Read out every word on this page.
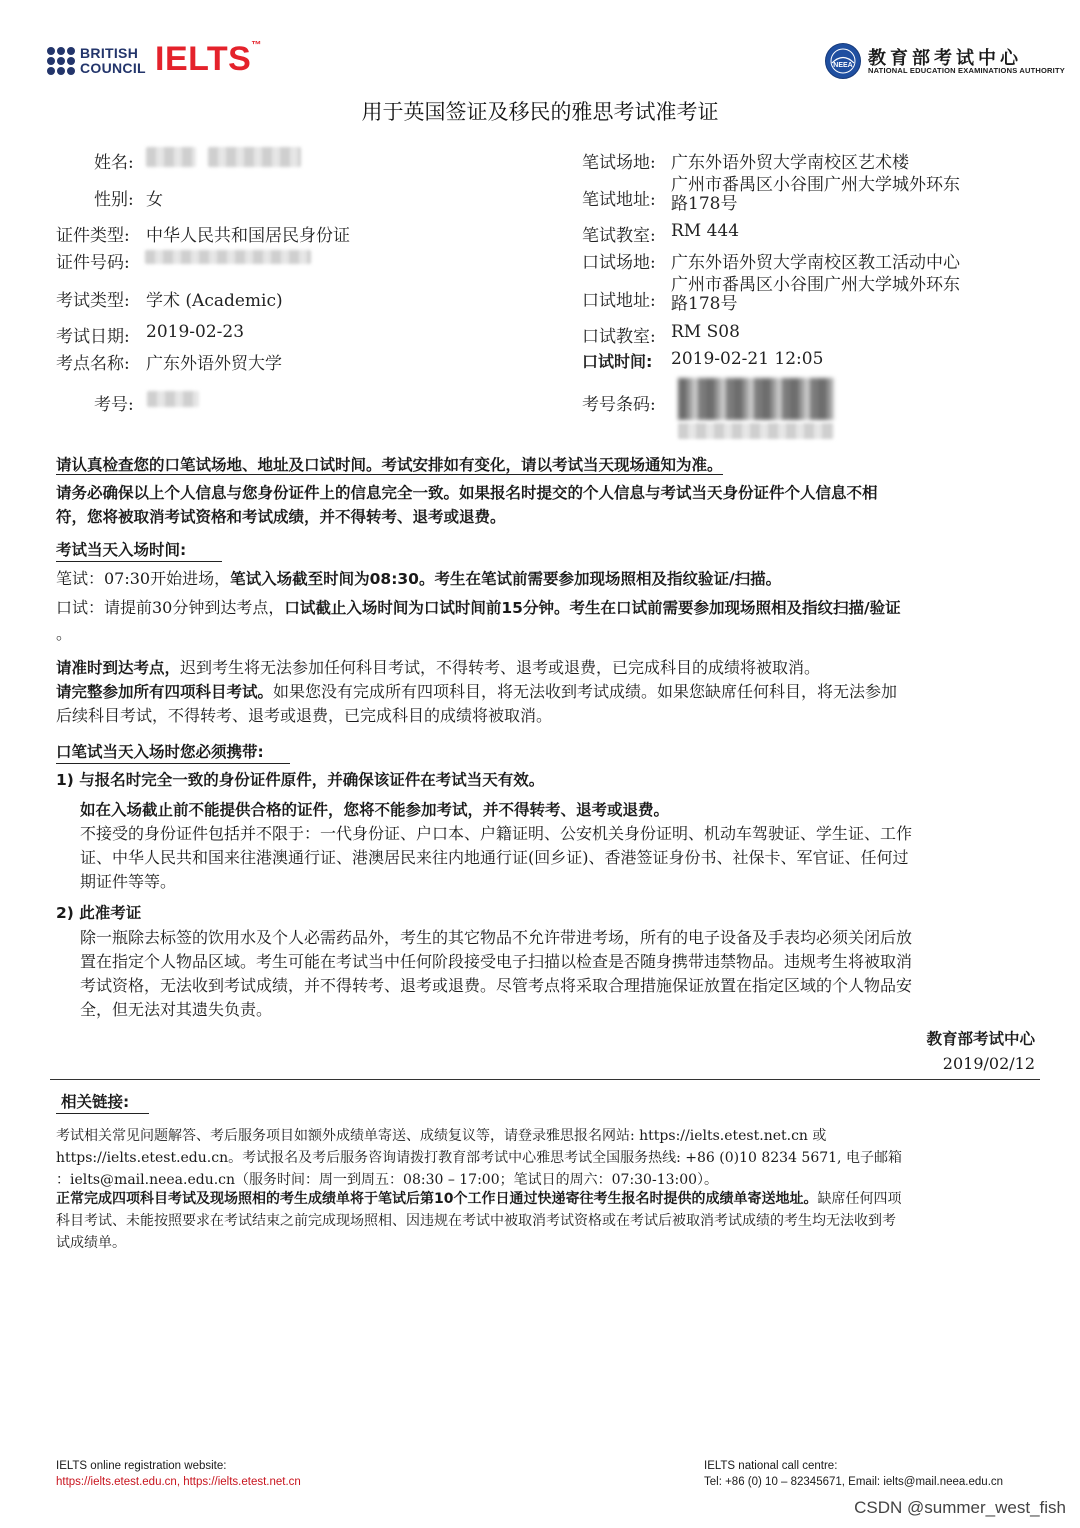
BRITISH
COUNCIL IELTS™
NEEA 教育部考试中心
NATIONAL EDUCATION EXAMINATIONS AUTHORITY
用于英国签证及移民的雅思考试准考证
姓名:
性别: 女
证件类型: 中华人民共和国居民身份证
证件号码:
考试类型: 学术 (Academic)
考试日期: 2019-02-23
考点名称: 广东外语外贸大学
考号:
笔试场地: 广东外语外贸大学南校区艺术楼
笔试地址:
广州市番禺区小谷围广州大学城外环东
路178号
笔试教室: RM 444
口试场地: 广东外语外贸大学南校区教工活动中心
口试地址:
广州市番禺区小谷围广州大学城外环东
路178号
口试教室: RM S08
口试时间: 2019-02-21 12:05
考号条码:
请认真检查您的口笔试场地、地址及口试时间。考试安排如有变化，请以考试当天现场通知为准。
请务必确保以上个人信息与您身份证件上的信息完全一致。如果报名时提交的个人信息与考试当天身份证件个人信息不相
符，您将被取消考试资格和考试成绩，并不得转考、退考或退费。
考试当天入场时间:
笔试：07:30开始进场，笔试入场截至时间为08:30。考生在笔试前需要参加现场照相及指纹验证/扫描。
口试：请提前30分钟到达考点，口试截止入场时间为口试时间前15分钟。考生在口试前需要参加现场照相及指纹扫描/验证
。
请准时到达考点，迟到考生将无法参加任何科目考试，不得转考、退考或退费，已完成科目的成绩将被取消。
请完整参加所有四项科目考试。如果您没有完成所有四项科目，将无法收到考试成绩。如果您缺席任何科目，将无法参加
后续科目考试，不得转考、退考或退费，已完成科目的成绩将被取消。
口笔试当天入场时您必须携带:
1) 与报名时完全一致的身份证件原件，并确保该证件在考试当天有效。
如在入场截止前不能提供合格的证件，您将不能参加考试，并不得转考、退考或退费。
不接受的身份证件包括并不限于：一代身份证、户口本、户籍证明、公安机关身份证明、机动车驾驶证、学生证、工作
证、中华人民共和国来往港澳通行证、港澳居民来往内地通行证(回乡证)、香港签证身份书、社保卡、军官证、任何过
期证件等等。
2) 此准考证
除一瓶除去标签的饮用水及个人必需药品外，考生的其它物品不允许带进考场，所有的电子设备及手表均必须关闭后放
置在指定个人物品区域。考生可能在考试当中任何阶段接受电子扫描以检查是否随身携带违禁物品。违规考生将被取消
考试资格，无法收到考试成绩，并不得转考、退考或退费。尽管考点将采取合理措施保证放置在指定区域的个人物品安
全，但无法对其遗失负责。
教育部考试中心
2019/02/12
相关链接:
考试相关常见问题解答、考后服务项目如额外成绩单寄送、成绩复议等，请登录雅思报名网站: https://ielts.etest.net.cn 或
https://ielts.etest.edu.cn。考试报名及考后服务咨询请拨打教育部考试中心雅思考试全国服务热线: +86 (0)10 8234 5671, 电子邮箱
：ielts@mail.neea.edu.cn（服务时间：周一到周五：08:30 – 17:00；笔试日的周六：07:30-13:00）。
正常完成四项科目考试及现场照相的考生成绩单将于笔试后第10个工作日通过快递寄往考生报名时提供的成绩单寄送地址。缺席任何四项
科目考试、未能按照要求在考试结束之前完成现场照相、因违规在考试中被取消考试资格或在考试后被取消考试成绩的考生均无法收到考
试成绩单。
IELTS online registration website:
https://ielts.etest.edu.cn, https://ielts.etest.net.cn
IELTS national call centre:
Tel: +86 (0) 10 – 82345671, Email: ielts@mail.neea.edu.cn
CSDN @summer_west_fish
